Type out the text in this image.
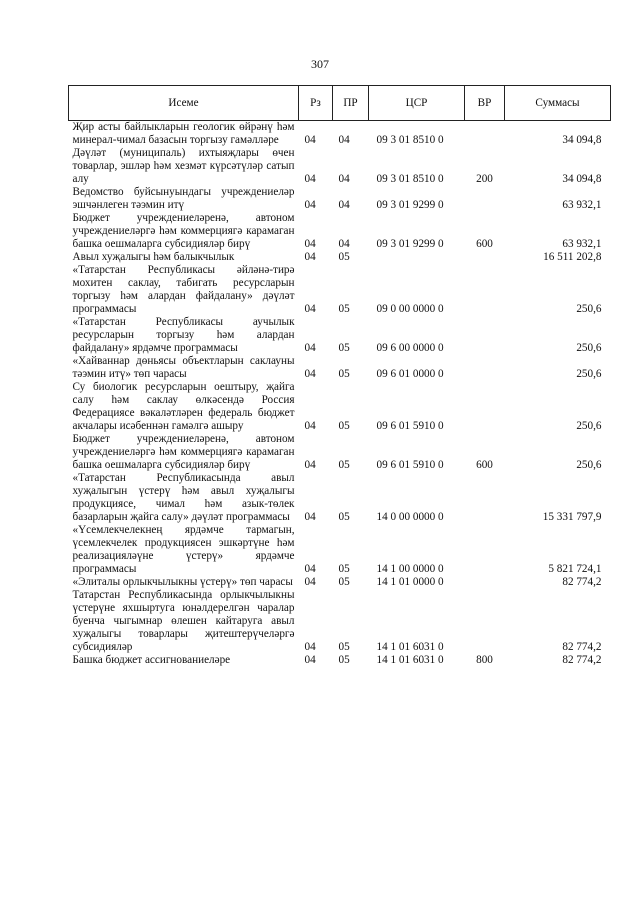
307
Исеме	Рз	ПР	ЦСР	ВР	Суммасы
Җир асты байлыкларын геологик өйрәнү һәм минерал-чимал базасын торгызу гамәлләре	04	04	09 3 01 8510 0		34 094,8
Дәүләт (муниципаль) ихтыяҗлары өчен товарлар, эшләр һәм хезмәт күрсәтүләр сатып алу	04	04	09 3 01 8510 0	200	34 094,8
Ведомство буйсынуындагы учреждениеләр эшчәнлеген тәэмин итү	04	04	09 3 01 9299 0		63 932,1
Бюджет учреждениеләренә, автоном учреждениеләргә һәм коммерциягә карамаган башка оешмаларга субсидияләр бирү	04	04	09 3 01 9299 0	600	63 932,1
Авыл хуҗалыгы һәм балыкчылык	04	05			16 511 202,8
«Татарстан Республикасы әйләнә-тирә мохитен саклау, табигать ресурсларын торгызу һәм алардан файдалану» дәүләт программасы	04	05	09 0 00 0000 0		250,6
«Татарстан Республикасы аучылык ресурсларын торгызу һәм алардан файдалану» ярдәмче программасы	04	05	09 6 00 0000 0		250,6
«Хайваннар дөньясы объектларын саклауны тәэмин итү» төп чарасы	04	05	09 6 01 0000 0		250,6
Су биологик ресурсларын оештыру, җайга салу һәм саклау өлкәсендә Россия Федерациясе вәкаләтләрен федераль бюджет акчалары исәбеннән гамәлгә ашыру	04	05	09 6 01 5910 0		250,6
Бюджет учреждениеләренә, автоном учреждениеләргә һәм коммерциягә карамаган башка оешмаларга субсидияләр бирү	04	05	09 6 01 5910 0	600	250,6
«Татарстан Республикасында авыл хуҗалыгын үстерү һәм авыл хуҗалыгы продукциясе, чимал һәм азык-төлек базарларын җайга салу» дәүләт программасы	04	05	14 0 00 0000 0		15 331 797,9
«Үсемлекчелекнең ярдәмче тармагын, үсемлекчелек продукциясен эшкәртүне һәм реализацияләүне үстерү» ярдәмче программасы	04	05	14 1 00 0000 0		5 821 724,1
«Элиталы орлыкчылыкны үстерү» төп чарасы	04	05	14 1 01 0000 0		82 774,2
Татарстан Республикасында орлыкчылыкны үстерүне яхшыртуга юнәлдерелгән чаралар буенча чыгымнар өлешен кайтаруга авыл хуҗалыгы товарлары җитештерүчеләргә субсидияләр	04	05	14 1 01 6031 0		82 774,2
Башка бюджет ассигнованиеләре	04	05	14 1 01 6031 0	800	82 774,2
